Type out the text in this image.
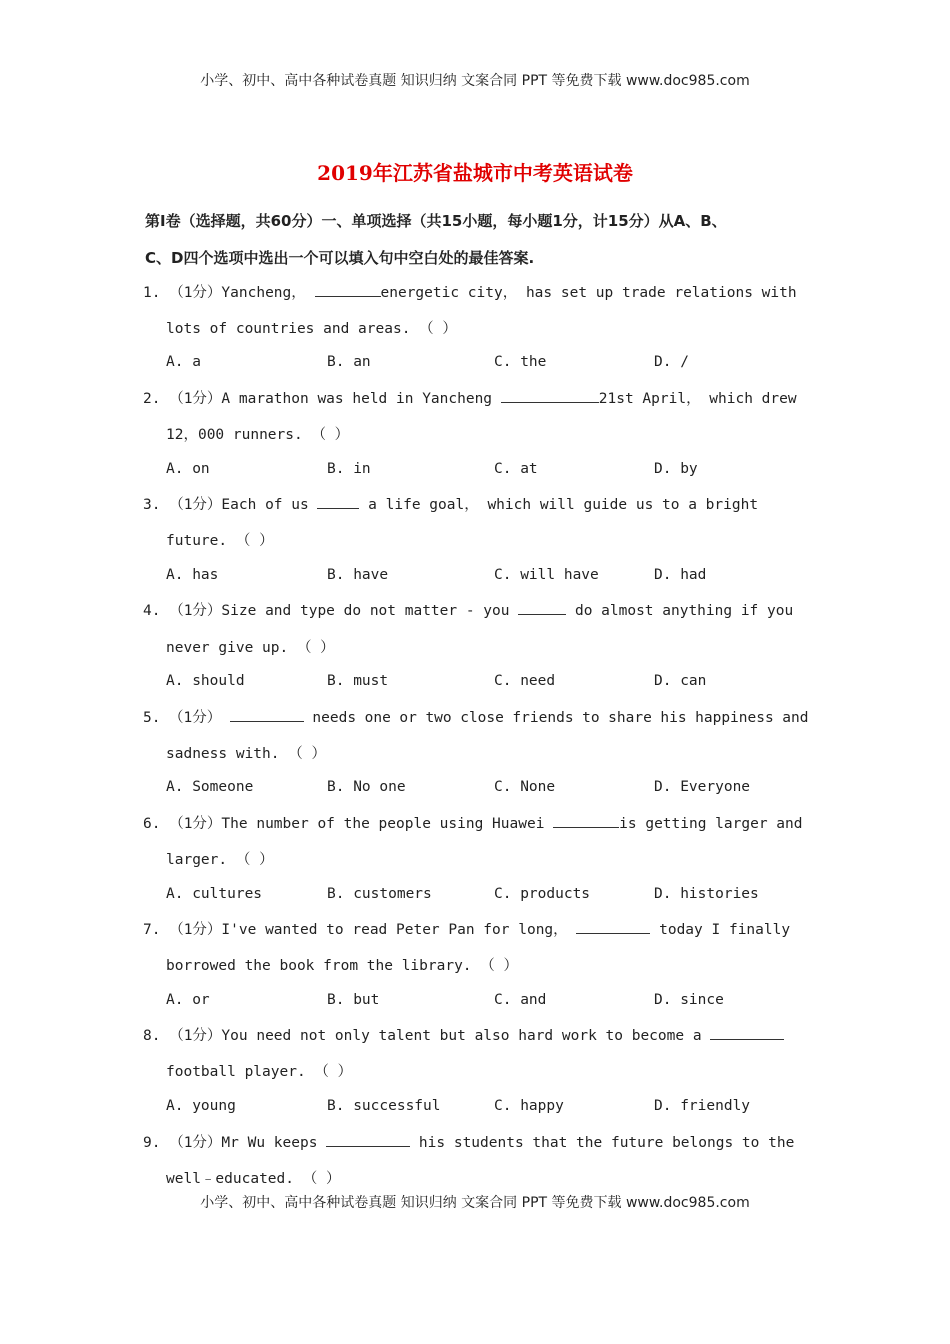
小学、初中、高中各种试卷真题 知识归纳 文案合同 PPT 等免费下载 www.doc985.com
2019年江苏省盐城市中考英语试卷
第Ⅰ卷（选择题，共60分）一、单项选择（共15小题，每小题1分，计15分）从A、B、
C、D四个选项中选出一个可以填入句中空白处的最佳答案.
1. （1分）Yancheng，	energetic city， has set up trade relations with
lots of countries and areas. （ ）
A. a	B. an	C. the	D. /
2. （1分）A marathon was held in Yancheng	21st April， which drew
12，000 runners. （ ）
A. on	B. in	C. at	D. by
3. （1分）Each of us	a life goal， which will guide us to a bright
future. （ ）
A. has	B. have	C. will have	D. had
4. （1分）Size and type do not matter - you	do almost anything if you
never give up. （ ）
A. should	B. must	C. need	D. can
5. （1分）	needs one or two close friends to share his happiness and
sadness with. （ ）
A. Someone	B. No one	C. None	D. Everyone
6. （1分）The number of the people using Huawei	is getting larger and
larger. （ ）
A. cultures	B. customers	C. products	D. histories
7. （1分）I've wanted to read Peter Pan for long，	today I finally
borrowed the book from the library. （ ）
A. or	B. but	C. and	D. since
8. （1分）You need not only talent but also hard work to become a
football player. （ ）
A. young	B. successful	C. happy	D. friendly
9. （1分）Mr Wu keeps	his students that the future belongs to the
well﹣educated. （ ）
小学、初中、高中各种试卷真题 知识归纳 文案合同 PPT 等免费下载 www.doc985.com
